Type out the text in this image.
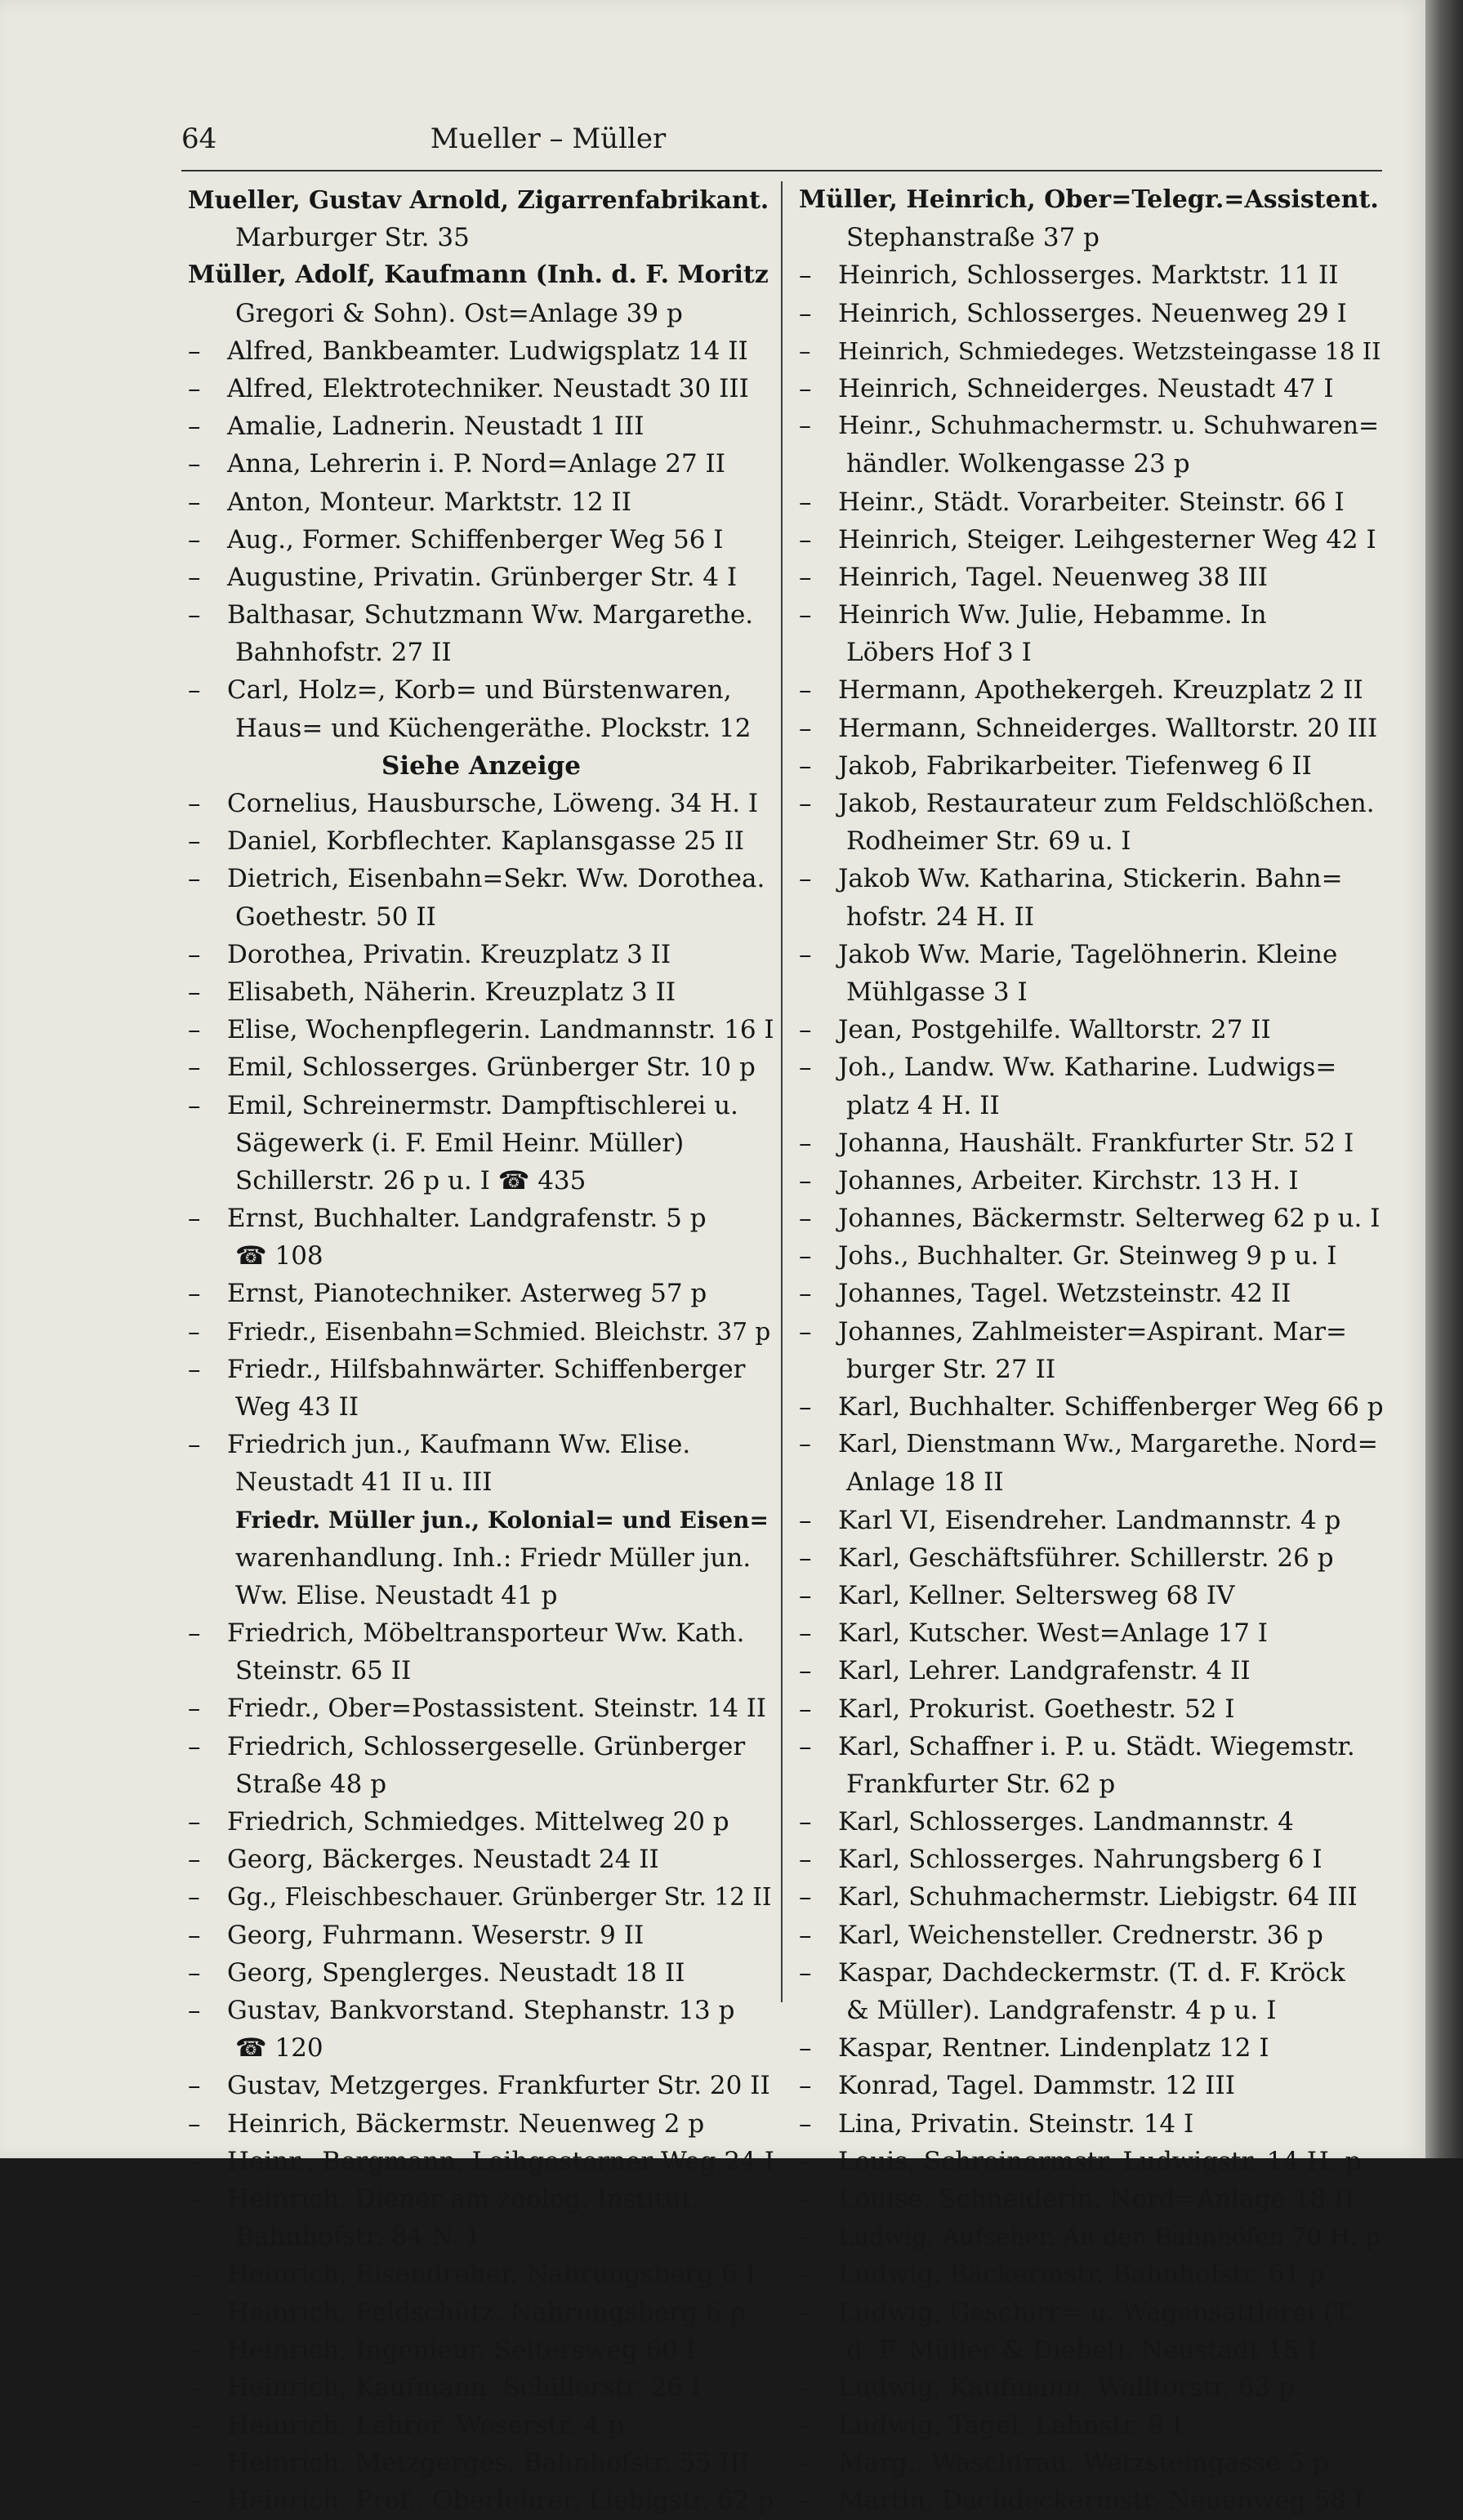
64	Mueller – Müller
Mueller, Gustav Arnold, Zigarrenfabrikant.
Marburger Str. 35
Müller, Adolf, Kaufmann (Inh. d. F. Moritz
Gregori & Sohn). Ost=Anlage 39 p
– Alfred, Bankbeamter. Ludwigsplatz 14 II
– Alfred, Elektrotechniker. Neustadt 30 III
– Amalie, Ladnerin. Neustadt 1 III
– Anna, Lehrerin i. P. Nord=Anlage 27 II
– Anton, Monteur. Marktstr. 12 II
– Aug., Former. Schiffenberger Weg 56 I
– Augustine, Privatin. Grünberger Str. 4 I
– Balthasar, Schutzmann Ww. Margarethe.
Bahnhofstr. 27 II
– Carl, Holz=, Korb= und Bürstenwaren,
Haus= und Küchengeräthe. Plockstr. 12
Siehe Anzeige
– Cornelius, Hausbursche, Löweng. 34 H. I
– Daniel, Korbflechter. Kaplansgasse 25 II
– Dietrich, Eisenbahn=Sekr. Ww. Dorothea.
Goethestr. 50 II
– Dorothea, Privatin. Kreuzplatz 3 II
– Elisabeth, Näherin. Kreuzplatz 3 II
– Elise, Wochenpflegerin. Landmannstr. 16 I
– Emil, Schlosserges. Grünberger Str. 10 p
– Emil, Schreinermstr. Dampftischlerei u.
Sägewerk (i. F. Emil Heinr. Müller)
Schillerstr. 26 p u. I ☎ 435
– Ernst, Buchhalter. Landgrafenstr. 5 p
☎ 108
– Ernst, Pianotechniker. Asterweg 57 p
– Friedr., Eisenbahn=Schmied. Bleichstr. 37 p
– Friedr., Hilfsbahnwärter. Schiffenberger
Weg 43 II
– Friedrich jun., Kaufmann Ww. Elise.
Neustadt 41 II u. III
Friedr. Müller jun., Kolonial= und Eisen=
warenhandlung. Inh.: Friedr Müller jun.
Ww. Elise. Neustadt 41 p
– Friedrich, Möbeltransporteur Ww. Kath.
Steinstr. 65 II
– Friedr., Ober=Postassistent. Steinstr. 14 II
– Friedrich, Schlossergeselle. Grünberger
Straße 48 p
– Friedrich, Schmiedges. Mittelweg 20 p
– Georg, Bäckerges. Neustadt 24 II
– Gg., Fleischbeschauer. Grünberger Str. 12 II
– Georg, Fuhrmann. Weserstr. 9 II
– Georg, Spenglerges. Neustadt 18 II
– Gustav, Bankvorstand. Stephanstr. 13 p
☎ 120
– Gustav, Metzgerges. Frankfurter Str. 20 II
– Heinrich, Bäckermstr. Neuenweg 2 p
– Heinr., Bergmann. Leihgesterner Weg 24 I
– Heinrich, Diener am zoolog. Institut.
Bahnhofstr. 84 N. I
– Heinrich, Eisendreher. Nahrungsberg 6 I
– Heinrich, Feldschütz. Nahrungsberg 6 p
– Heinrich, Ingenieur. Seltersweg 60 I
– Heinrich, Kaufmann. Schillerstr. 26 I
– Heinrich, Lehrer. Weserstr. 4 p
– Heinrich, Metzgerges. Bahnhofstr. 55 III
– Heinrich, Prof., Oberlehrer. Liebigstr. 62 p
Müller, Heinrich, Ober=Telegr.=Assistent.
Stephanstraße 37 p
– Heinrich, Schlosserges. Marktstr. 11 II
– Heinrich, Schlosserges. Neuenweg 29 I
– Heinrich, Schmiedeges. Wetzsteingasse 18 II
– Heinrich, Schneiderges. Neustadt 47 I
– Heinr., Schuhmachermstr. u. Schuhwaren=
händler. Wolkengasse 23 p
– Heinr., Städt. Vorarbeiter. Steinstr. 66 I
– Heinrich, Steiger. Leihgesterner Weg 42 I
– Heinrich, Tagel. Neuenweg 38 III
– Heinrich Ww. Julie, Hebamme. In
Löbers Hof 3 I
– Hermann, Apothekergeh. Kreuzplatz 2 II
– Hermann, Schneiderges. Walltorstr. 20 III
– Jakob, Fabrikarbeiter. Tiefenweg 6 II
– Jakob, Restaurateur zum Feldschlößchen.
Rodheimer Str. 69 u. I
– Jakob Ww. Katharina, Stickerin. Bahn=
hofstr. 24 H. II
– Jakob Ww. Marie, Tagelöhnerin. Kleine
Mühlgasse 3 I
– Jean, Postgehilfe. Walltorstr. 27 II
– Joh., Landw. Ww. Katharine. Ludwigs=
platz 4 H. II
– Johanna, Haushält. Frankfurter Str. 52 I
– Johannes, Arbeiter. Kirchstr. 13 H. I
– Johannes, Bäckermstr. Selterweg 62 p u. I
– Johs., Buchhalter. Gr. Steinweg 9 p u. I
– Johannes, Tagel. Wetzsteinstr. 42 II
– Johannes, Zahlmeister=Aspirant. Mar=
burger Str. 27 II
– Karl, Buchhalter. Schiffenberger Weg 66 p
– Karl, Dienstmann Ww., Margarethe. Nord=
Anlage 18 II
– Karl VI, Eisendreher. Landmannstr. 4 p
– Karl, Geschäftsführer. Schillerstr. 26 p
– Karl, Kellner. Seltersweg 68 IV
– Karl, Kutscher. West=Anlage 17 I
– Karl, Lehrer. Landgrafenstr. 4 II
– Karl, Prokurist. Goethestr. 52 I
– Karl, Schaffner i. P. u. Städt. Wiegemstr.
Frankfurter Str. 62 p
– Karl, Schlosserges. Landmannstr. 4
– Karl, Schlosserges. Nahrungsberg 6 I
– Karl, Schuhmachermstr. Liebigstr. 64 III
– Karl, Weichensteller. Crednerstr. 36 p
– Kaspar, Dachdeckermstr. (T. d. F. Kröck
& Müller). Landgrafenstr. 4 p u. I
– Kaspar, Rentner. Lindenplatz 12 I
– Konrad, Tagel. Dammstr. 12 III
– Lina, Privatin. Steinstr. 14 I
– Louis, Schreinermstr. Ludwigstr. 14 H. p
– Louise, Schneiderin. Nord=Anlage 18 II
– Ludwig, Aufseher. An den Bahnhöfen 70 H. p
– Ludwig, Bäckermstr. Bahnhofstr. 61 p
– Ludwig, Geschirr= u. Wagensattlerei (T.
d. F. Müller & Diebel). Neustadt 15 I
– Ludwig, Kaufmann. Walltorstr. 63 p
– Ludwig, Tagel. Lahnstr. 9 I
– Marg., Waschfrau. Wetzsteingasse 5 p
– Martin, Dachdeckermstr. Neuenweg 58 I
